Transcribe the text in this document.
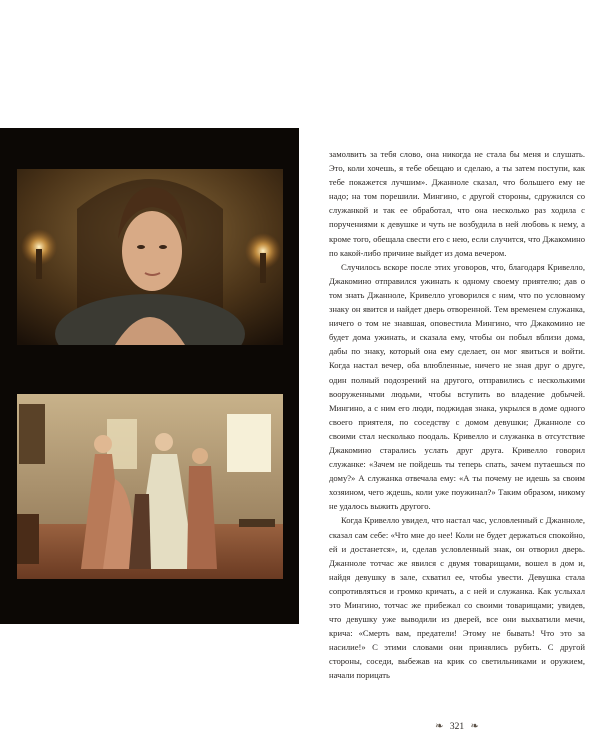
замолвить за тебя слово, она никогда не стала бы меня и слушать. Это, коли хочешь, я тебе обещаю и сделаю, а ты затем поступи, как тебе покажется лучшим». Джанноле сказал, что большего ему не надо; на том порешили. Мингино, с другой стороны, сдружился со служанкой и так ее обработал, что она несколько раз ходила с поручениями к девушке и чуть не возбудила в ней любовь к нему, а кроме того, обещала свести его с нею, если случится, что Джакомино по какой-либо причине выйдет из дома вечером.

Случилось вскоре после этих уговоров, что, благодаря Кривелло, Джакомино отправился ужинать к одному своему приятелю; дав о том знать Джанноле, Кривелло уговорился с ним, что по условному знаку он явится и найдет дверь отворенной. Тем временем служанка, ничего о том не знавшая, оповестила Мингино, что Джакомино не будет дома ужинать, и сказала ему, чтобы он побыл вблизи дома, дабы по знаку, который она ему сделает, он мог явиться и войти. Когда настал вечер, оба влюбленные, ничего не зная друг о друге, один полный подозрений на другого, отправились с несколькими вооруженными людьми, чтобы вступить во владение добычей. Мингино, а с ним его люди, поджидая знака, укрылся в доме одного своего приятеля, по соседству с домом девушки; Джанноле со своими стал несколько поодаль. Кривелло и служанка в отсутствие Джакомино старались услать друг друга. Кривелло говорил служанке: «Зачем не пойдешь ты теперь спать, зачем путаешься по дому?» А служанка отвечала ему: «А ты почему не идешь за своим хозяином, чего ждешь, коли уже поужинал?» Таким образом, никому не удалось выжить другого.

Когда Кривелло увидел, что настал час, условленный с Джанноле, сказал сам себе: «Что мне до нее! Коли не будет держаться спокойно, ей и достанется», и, сделав условленный знак, он отворил дверь. Джанноле тотчас же явился с двумя товарищами, вошел в дом и, найдя девушку в зале, схватил ее, чтобы увести. Девушка стала сопротивляться и громко кричать, а с ней и служанка. Как услыхал это Мингино, тотчас же прибежал со своими товарищами; увидев, что девушку уже выводили из дверей, все они выхватили мечи, крича: «Смерть вам, предатели! Этому не бывать! Что это за насилие!» С этими словами они принялись рубить. С другой стороны, соседи, выбежав на крик со светильниками и оружием, начали порицать

❧ 321 ❧
